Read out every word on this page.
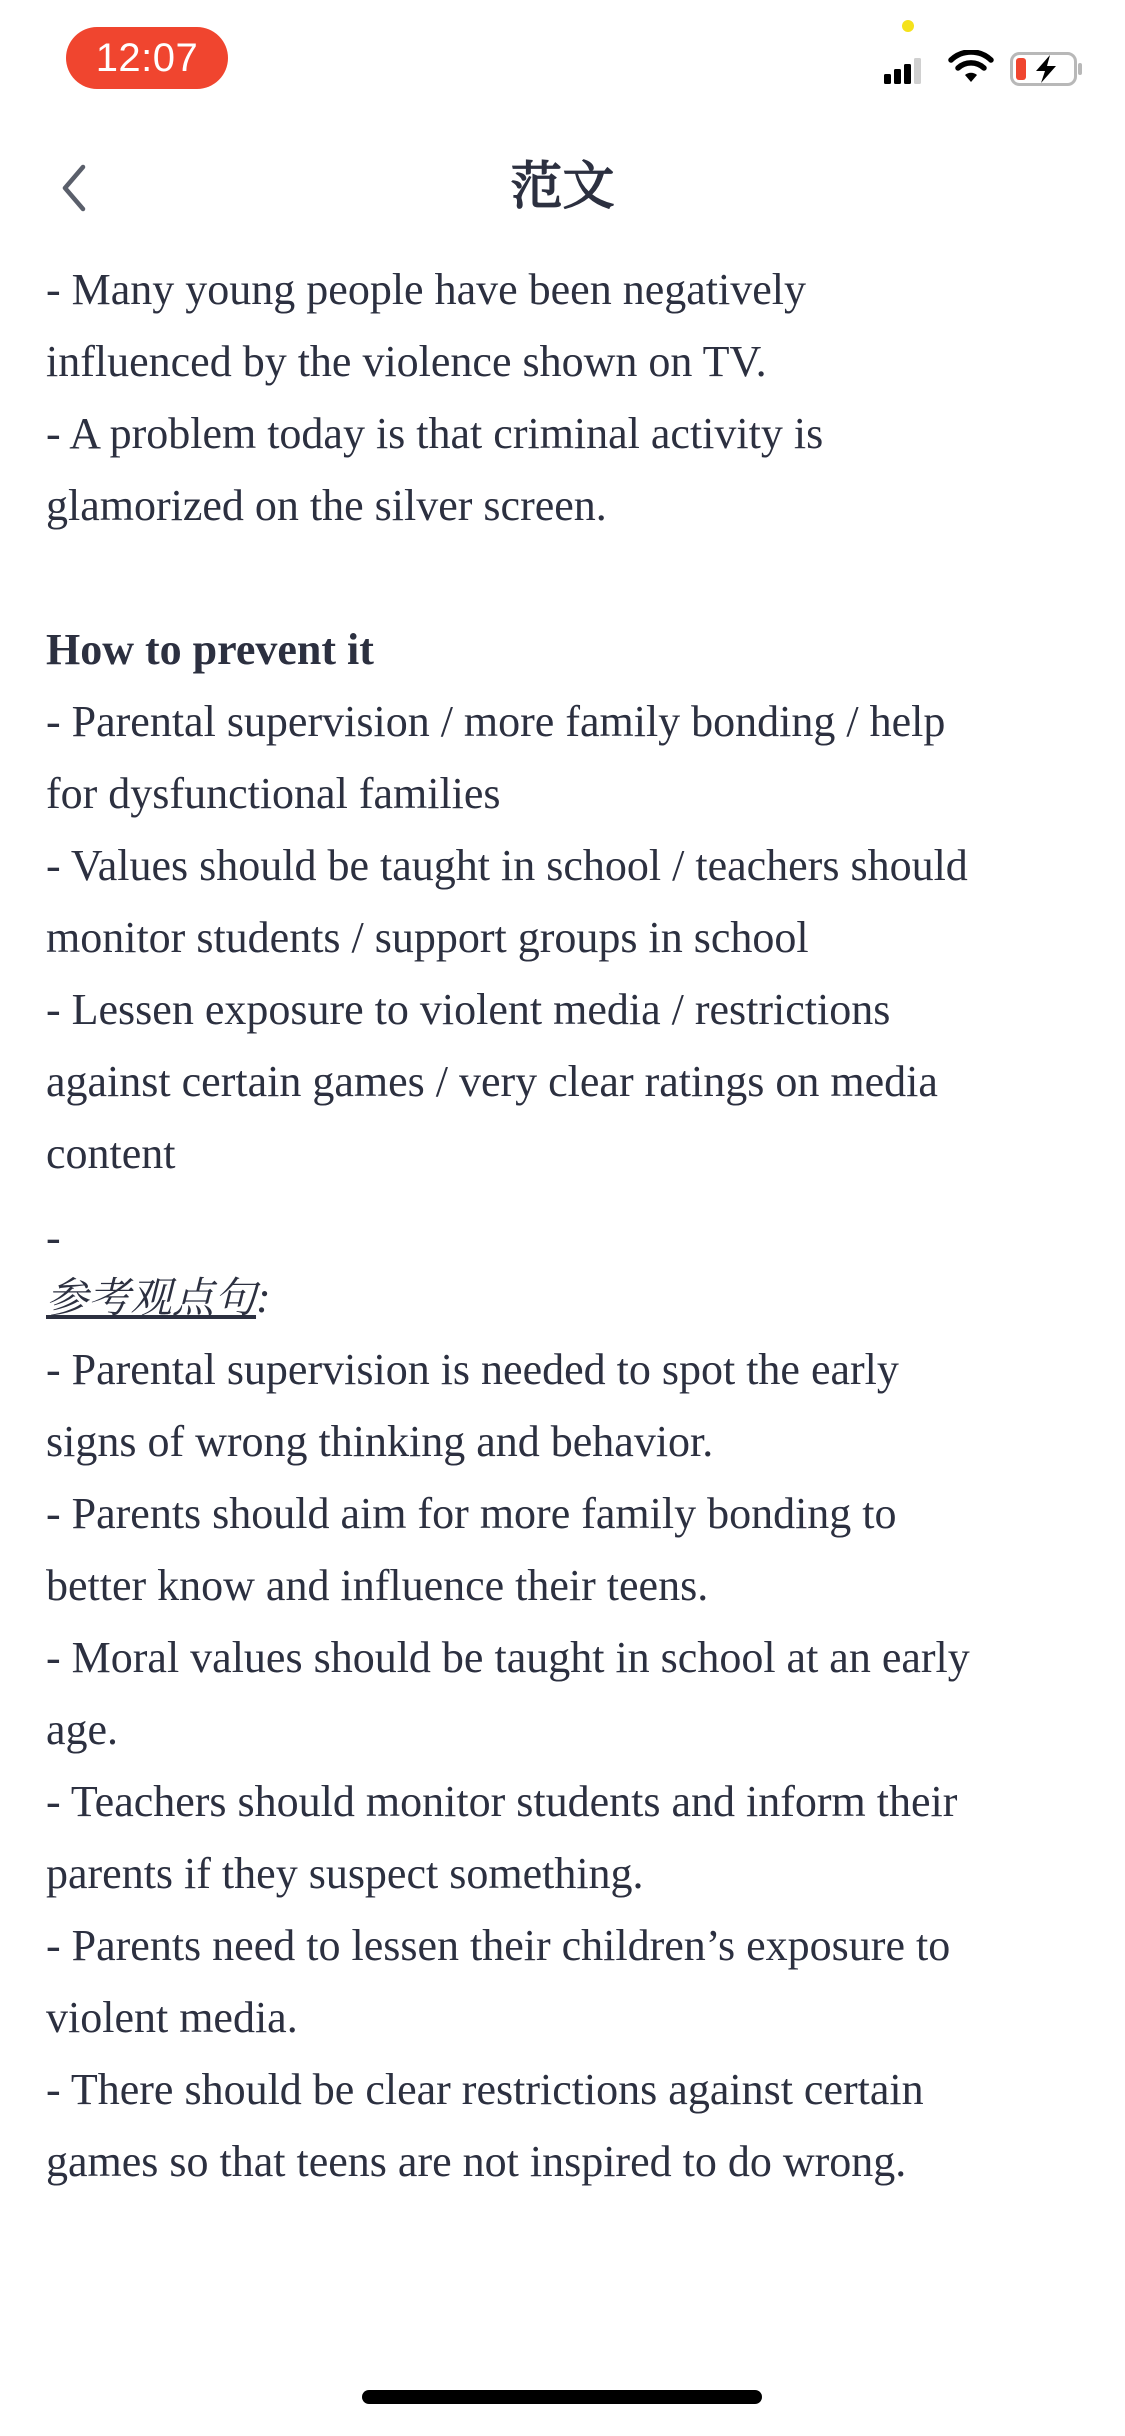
12:07
范文
- Many young people have been negatively
influenced by the violence shown on TV.
- A problem today is that criminal activity is
glamorized on the silver screen.
How to prevent it
- Parental supervision / more family bonding / help
for dysfunctional families
- Values should be taught in school / teachers should
monitor students / support groups in school
- Lessen exposure to violent media / restrictions
against certain games / very clear ratings on media
content
-
参考观点句:
- Parental supervision is needed to spot the early
signs of wrong thinking and behavior.
- Parents should aim for more family bonding to
better know and influence their teens.
- Moral values should be taught in school at an early
age.
- Teachers should monitor students and inform their
parents if they suspect something.
- Parents need to lessen their children’s exposure to
violent media.
- There should be clear restrictions against certain
games so that teens are not inspired to do wrong.
